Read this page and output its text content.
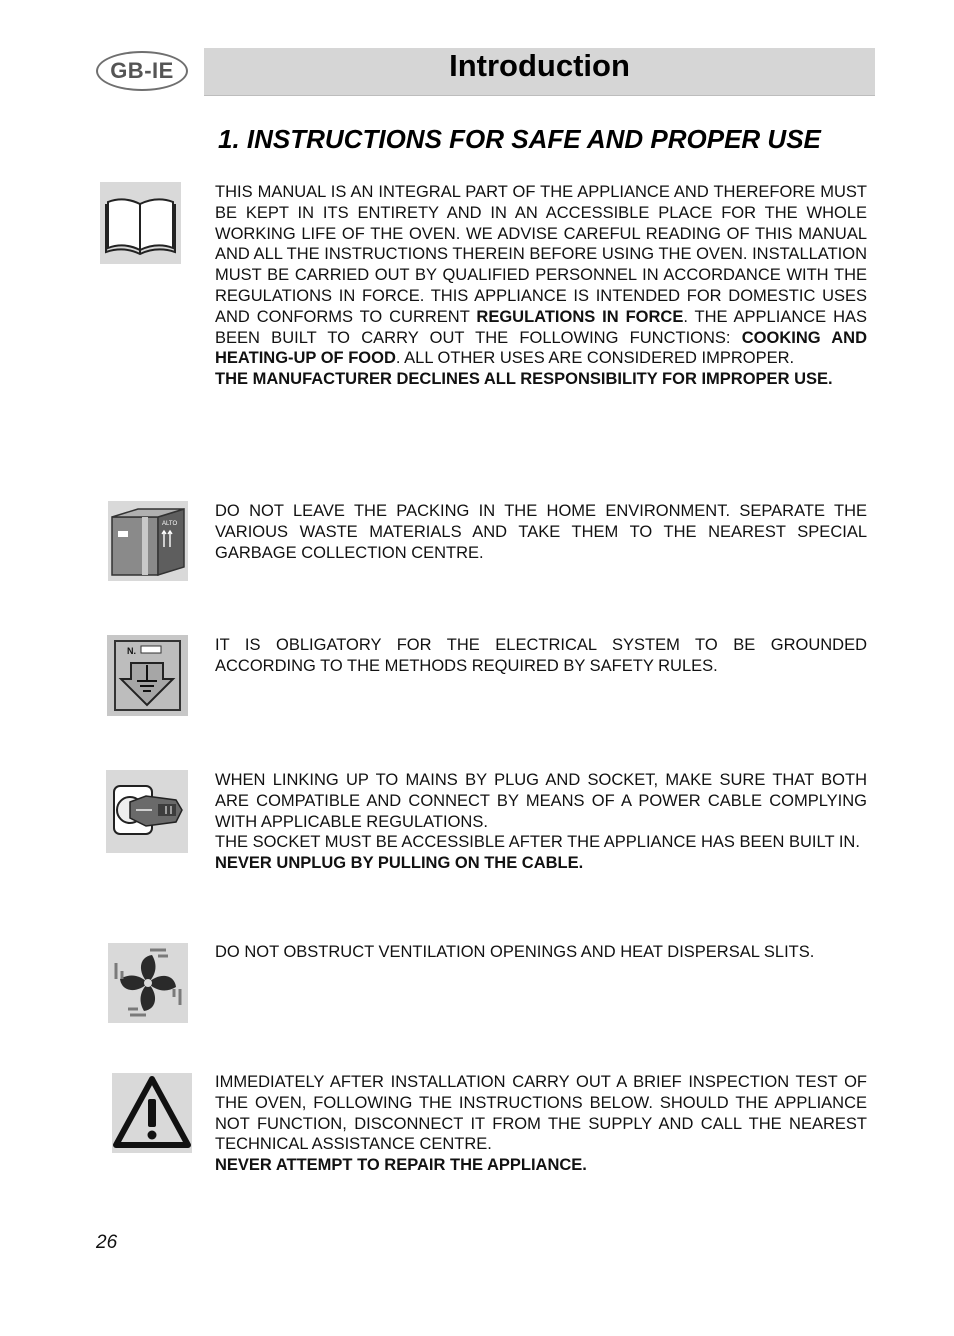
GB-IE	Introduction
1. INSTRUCTIONS FOR SAFE AND PROPER USE

THIS MANUAL IS AN INTEGRAL PART OF THE APPLIANCE AND THEREFORE MUST BE KEPT IN ITS ENTIRETY AND IN AN ACCESSIBLE PLACE FOR THE WHOLE WORKING LIFE OF THE OVEN. WE ADVISE CAREFUL READING OF THIS MANUAL AND ALL THE INSTRUCTIONS THEREIN BEFORE USING THE OVEN. INSTALLATION MUST BE CARRIED OUT BY QUALIFIED PERSONNEL IN ACCORDANCE WITH THE REGULATIONS IN FORCE. THIS APPLIANCE IS INTENDED FOR DOMESTIC USES AND CONFORMS TO CURRENT REGULATIONS IN FORCE. THE APPLIANCE HAS BEEN BUILT TO CARRY OUT THE FOLLOWING FUNCTIONS: COOKING AND HEATING-UP OF FOOD. ALL OTHER USES ARE CONSIDERED IMPROPER.

THE MANUFACTURER DECLINES ALL RESPONSIBILITY FOR IMPROPER USE.

ALTO

DO NOT LEAVE THE PACKING IN THE HOME ENVIRONMENT. SEPARATE THE VARIOUS WASTE MATERIALS AND TAKE THEM TO THE NEAREST SPECIAL GARBAGE COLLECTION CENTRE.

N.	IT IS OBLIGATORY FOR THE ELECTRICAL SYSTEM TO BE GROUNDED ACCORDING TO THE METHODS REQUIRED BY SAFETY RULES.

WHEN LINKING UP TO MAINS BY PLUG AND SOCKET, MAKE SURE THAT BOTH ARE COMPATIBLE AND CONNECT BY MEANS OF A POWER CABLE COMPLYING WITH APPLICABLE REGULATIONS.

THE SOCKET MUST BE ACCESSIBLE AFTER THE APPLIANCE HAS BEEN BUILT IN.

NEVER UNPLUG BY PULLING ON THE CABLE.

DO NOT OBSTRUCT VENTILATION OPENINGS AND HEAT DISPERSAL SLITS.

IMMEDIATELY AFTER INSTALLATION CARRY OUT A BRIEF INSPECTION TEST OF THE OVEN, FOLLOWING THE INSTRUCTIONS BELOW. SHOULD THE APPLIANCE NOT FUNCTION, DISCONNECT IT FROM THE SUPPLY AND CALL THE NEAREST TECHNICAL ASSISTANCE CENTRE.

NEVER ATTEMPT TO REPAIR THE APPLIANCE.

26
